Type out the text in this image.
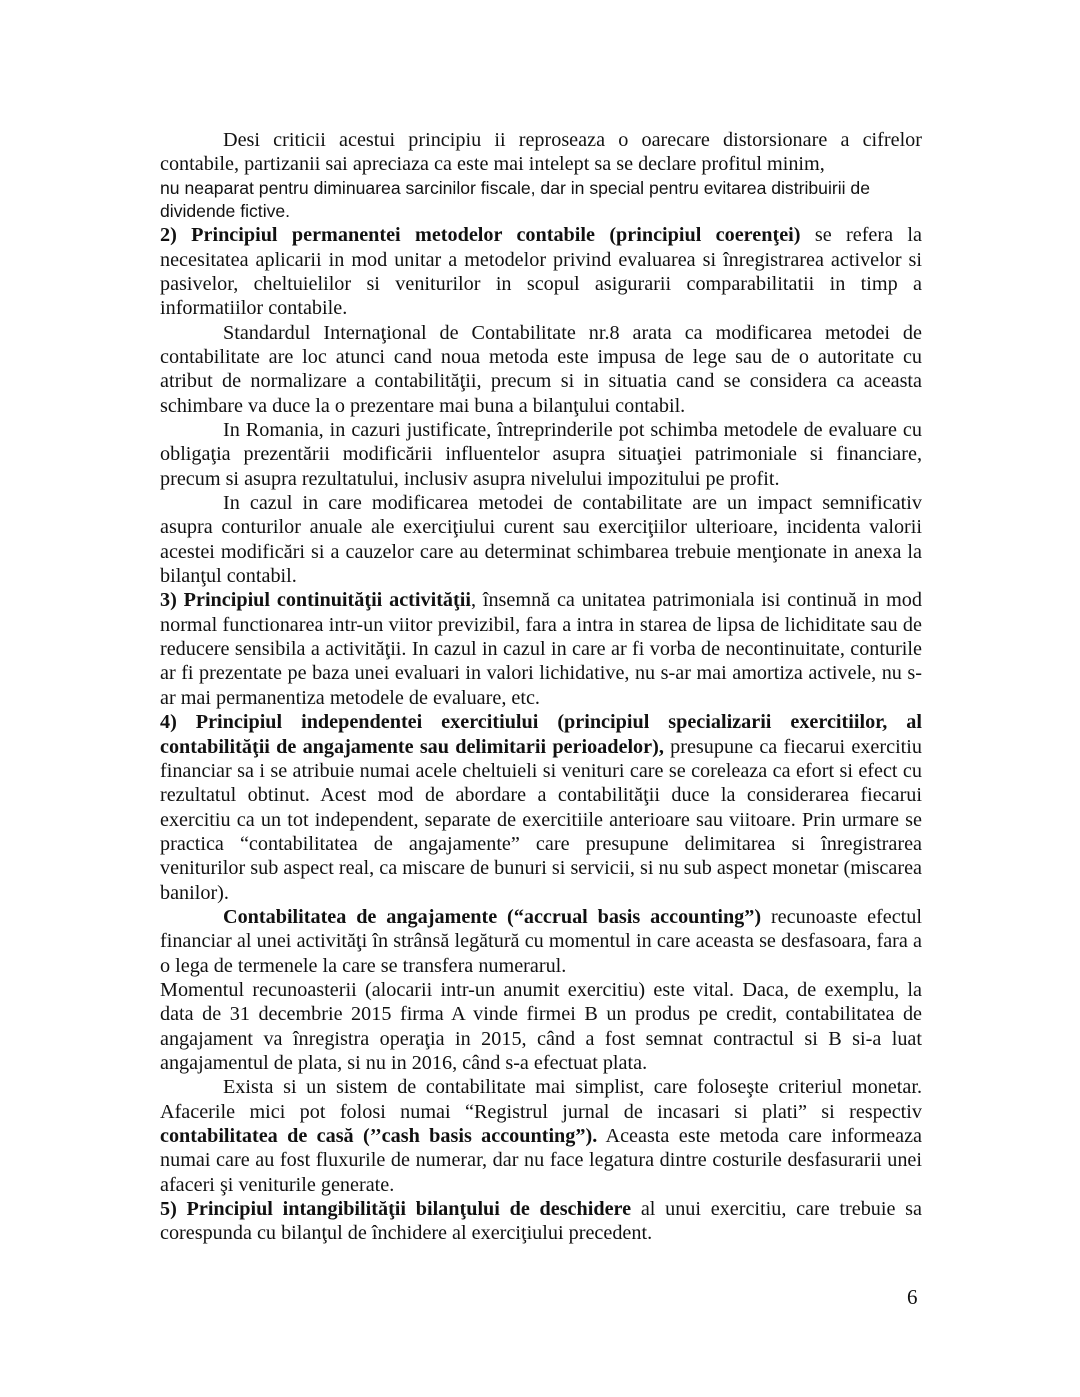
Desi criticii acestui principiu ii reproseaza o oarecare distorsionare a cifrelor contabile, partizanii sai apreciaza ca este mai intelept sa se declare profitul minim,

nu neaparat pentru diminuarea sarcinilor fiscale, dar in special pentru evitarea distribuirii de dividende fictive.

2) Principiul permanentei metodelor contabile (principiul coerenţei) se refera la necesitatea aplicarii in mod unitar a metodelor privind evaluarea si înregistrarea activelor si pasivelor, cheltuielilor si veniturilor in scopul asigurarii comparabilitatii in timp a informatiilor contabile.

Standardul Internaţional de Contabilitate nr.8 arata ca modificarea metodei de contabilitate are loc atunci cand noua metoda este impusa de lege sau de o autoritate cu atribut de normalizare a contabilităţii, precum si in situatia cand se considera ca aceasta schimbare va duce la o prezentare mai buna a bilanţului contabil.

In Romania, in cazuri justificate, întreprinderile pot schimba metodele de evaluare cu obligaţia prezentării modificării influentelor asupra situaţiei patrimoniale si financiare, precum si asupra rezultatului, inclusiv asupra nivelului impozitului pe profit.

In cazul in care modificarea metodei de contabilitate are un impact semnificativ asupra conturilor anuale ale exerciţiului curent sau exerciţiilor ulterioare, incidenta valorii acestei modificări si a cauzelor care au determinat schimbarea trebuie menţionate in anexa la bilanţul contabil.

3) Principiul continuităţii activităţii, însemnă ca unitatea patrimoniala isi continuă in mod normal functionarea intr-un viitor previzibil, fara a intra in starea de lipsa de lichiditate sau de reducere sensibila a activităţii. In cazul in cazul in care ar fi vorba de necontinuitate, conturile ar fi prezentate pe baza unei evaluari in valori lichidative, nu s-ar mai amortiza activele, nu s-ar mai permanentiza metodele de evaluare, etc.

4) Principiul independentei exercitiului (principiul specializarii exercitiilor, al contabilităţii de angajamente sau delimitarii perioadelor), presupune ca fiecarui exercitiu financiar sa i se atribuie numai acele cheltuieli si venituri care se coreleaza ca efort si efect cu rezultatul obtinut. Acest mod de abordare a contabilităţii duce la considerarea fiecarui exercitiu ca un tot independent, separate de exercitiile anterioare sau viitoare. Prin urmare se practica “contabilitatea de angajamente” care presupune delimitarea si înregistrarea veniturilor sub aspect real, ca miscare de bunuri si servicii, si nu sub aspect monetar (miscarea banilor).

Contabilitatea de angajamente (“accrual basis accounting”) recunoaste efectul financiar al unei activităţi în strânsă legătură cu momentul in care aceasta se desfasoara, fara a o lega de termenele la care se transfera numerarul.

Momentul recunoasterii (alocarii intr-un anumit exercitiu) este vital. Daca, de exemplu, la data de 31 decembrie 2015 firma A vinde firmei B un produs pe credit, contabilitatea de angajament va înregistra operaţia in 2015, când a fost semnat contractul si B si-a luat angajamentul de plata, si nu in 2016, când s-a efectuat plata.

Exista si un sistem de contabilitate mai simplist, care foloseşte criteriul monetar. Afacerile mici pot folosi numai “Registrul jurnal de incasari si plati” si respectiv contabilitatea de casă (’’cash basis accounting”). Aceasta este metoda care informeaza numai care au fost fluxurile de numerar, dar nu face legatura dintre costurile desfasurarii unei afaceri şi veniturile generate.

5) Principiul intangibilităţii bilanţului de deschidere al unui exercitiu, care trebuie sa corespunda cu bilanţul de închidere al exerciţiului precedent.

6
